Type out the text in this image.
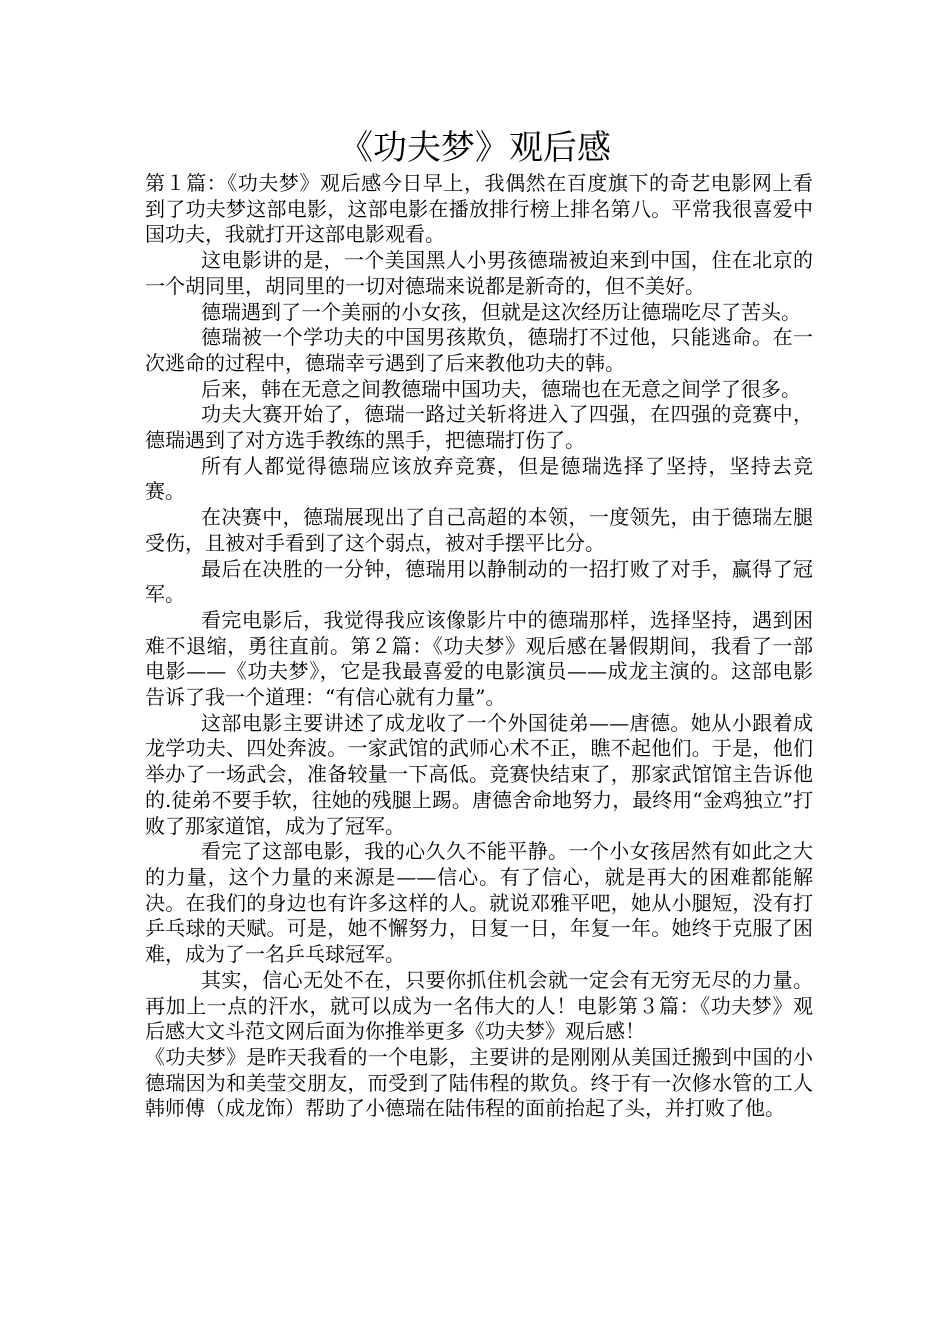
《功夫梦》观后感

第１篇：《功夫梦》观后感今日早上，我偶然在百度旗下的奇艺电影网上看到了功夫梦这部电影，这部电影在播放排行榜上排名第八。平常我很喜爱中国功夫，我就打开这部电影观看。

这电影讲的是，一个美国黑人小男孩德瑞被迫来到中国，住在北京的一个胡同里，胡同里的一切对德瑞来说都是新奇的，但不美好。

德瑞遇到了一个美丽的小女孩，但就是这次经历让德瑞吃尽了苦头。

德瑞被一个学功夫的中国男孩欺负，德瑞打不过他，只能逃命。在一次逃命的过程中，德瑞幸亏遇到了后来教他功夫的韩。

后来，韩在无意之间教德瑞中国功夫，德瑞也在无意之间学了很多。

功夫大赛开始了，德瑞一路过关斩将进入了四强，在四强的竞赛中，德瑞遇到了对方选手教练的黑手，把德瑞打伤了。

所有人都觉得德瑞应该放弃竞赛，但是德瑞选择了坚持，坚持去竞赛。

在决赛中，德瑞展现出了自己高超的本领，一度领先，由于德瑞左腿受伤，且被对手看到了这个弱点，被对手摆平比分。

最后在决胜的一分钟，德瑞用以静制动的一招打败了对手，赢得了冠军。

看完电影后，我觉得我应该像影片中的德瑞那样，选择坚持，遇到困难不退缩，勇往直前。第２篇：《功夫梦》观后感在暑假期间，我看了一部电影——《功夫梦》，它是我最喜爱的电影演员——成龙主演的。这部电影告诉了我一个道理：“有信心就有力量”。

这部电影主要讲述了成龙收了一个外国徒弟——唐德。她从小跟着成龙学功夫、四处奔波。一家武馆的武师心术不正，瞧不起他们。于是，他们举办了一场武会，准备较量一下高低。竞赛快结束了，那家武馆馆主告诉他的.徒弟不要手软，往她的残腿上踢。唐德舍命地努力，最终用“金鸡独立”打败了那家道馆，成为了冠军。

看完了这部电影，我的心久久不能平静。一个小女孩居然有如此之大的力量，这个力量的来源是——信心。有了信心，就是再大的困难都能解决。在我们的身边也有许多这样的人。就说邓雅平吧，她从小腿短，没有打乒乓球的天赋。可是，她不懈努力，日复一日，年复一年。她终于克服了困难，成为了一名乒乓球冠军。

其实，信心无处不在，只要你抓住机会就一定会有无穷无尽的力量。再加上一点的汗水，就可以成为一名伟大的人！电影第３篇：《功夫梦》观后感大文斗范文网后面为你推举更多《功夫梦》观后感！

《功夫梦》是昨天我看的一个电影，主要讲的是刚刚从美国迁搬到中国的小德瑞因为和美莹交朋友，而受到了陆伟程的欺负。终于有一次修水管的工人韩师傅（成龙饰）帮助了小德瑞在陆伟程的面前抬起了头，并打败了他。
